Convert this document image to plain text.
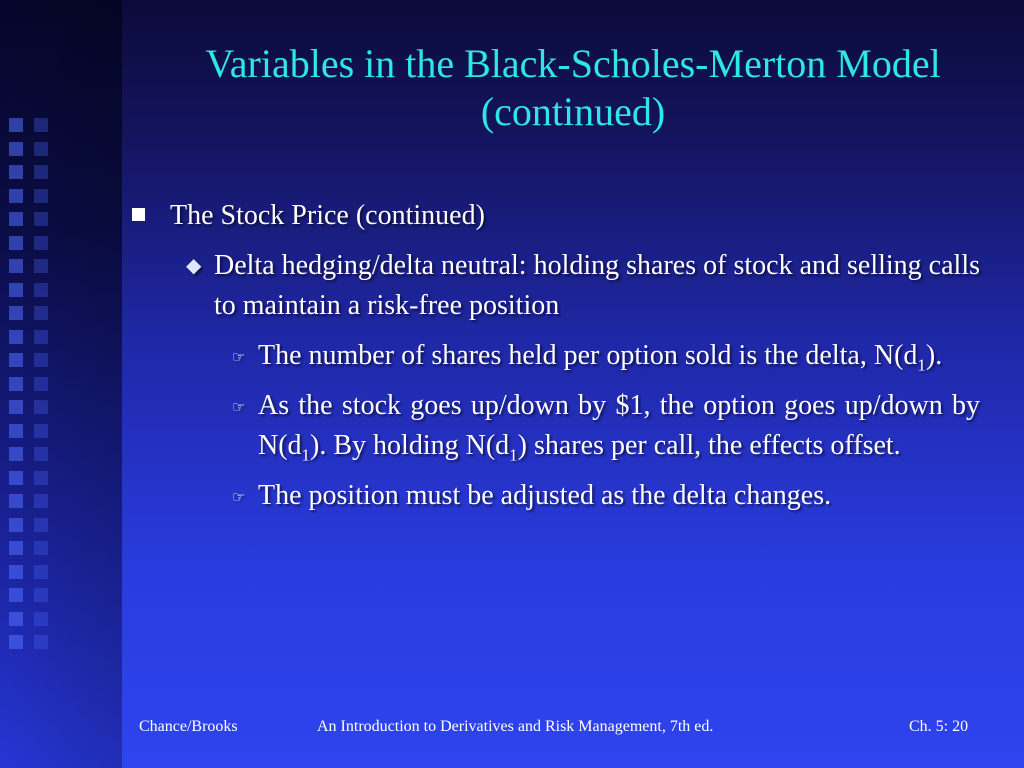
Variables in the Black-Scholes-Merton Model
(continued)
The Stock Price (continued)
◆ Delta hedging/delta neutral: holding shares of stock and selling calls to maintain a risk-free position
☞ The number of shares held per option sold is the delta, $N(d_1)$.
☞ As the stock goes up/down by $1, the option goes up/down by $N(d_1)$. By holding $N(d_1)$ shares per call, the effects offset.
☞ The position must be adjusted as the delta changes.
Chance/Brooks	An Introduction to Derivatives and Risk Management, 7th ed.	Ch. 5: 20
